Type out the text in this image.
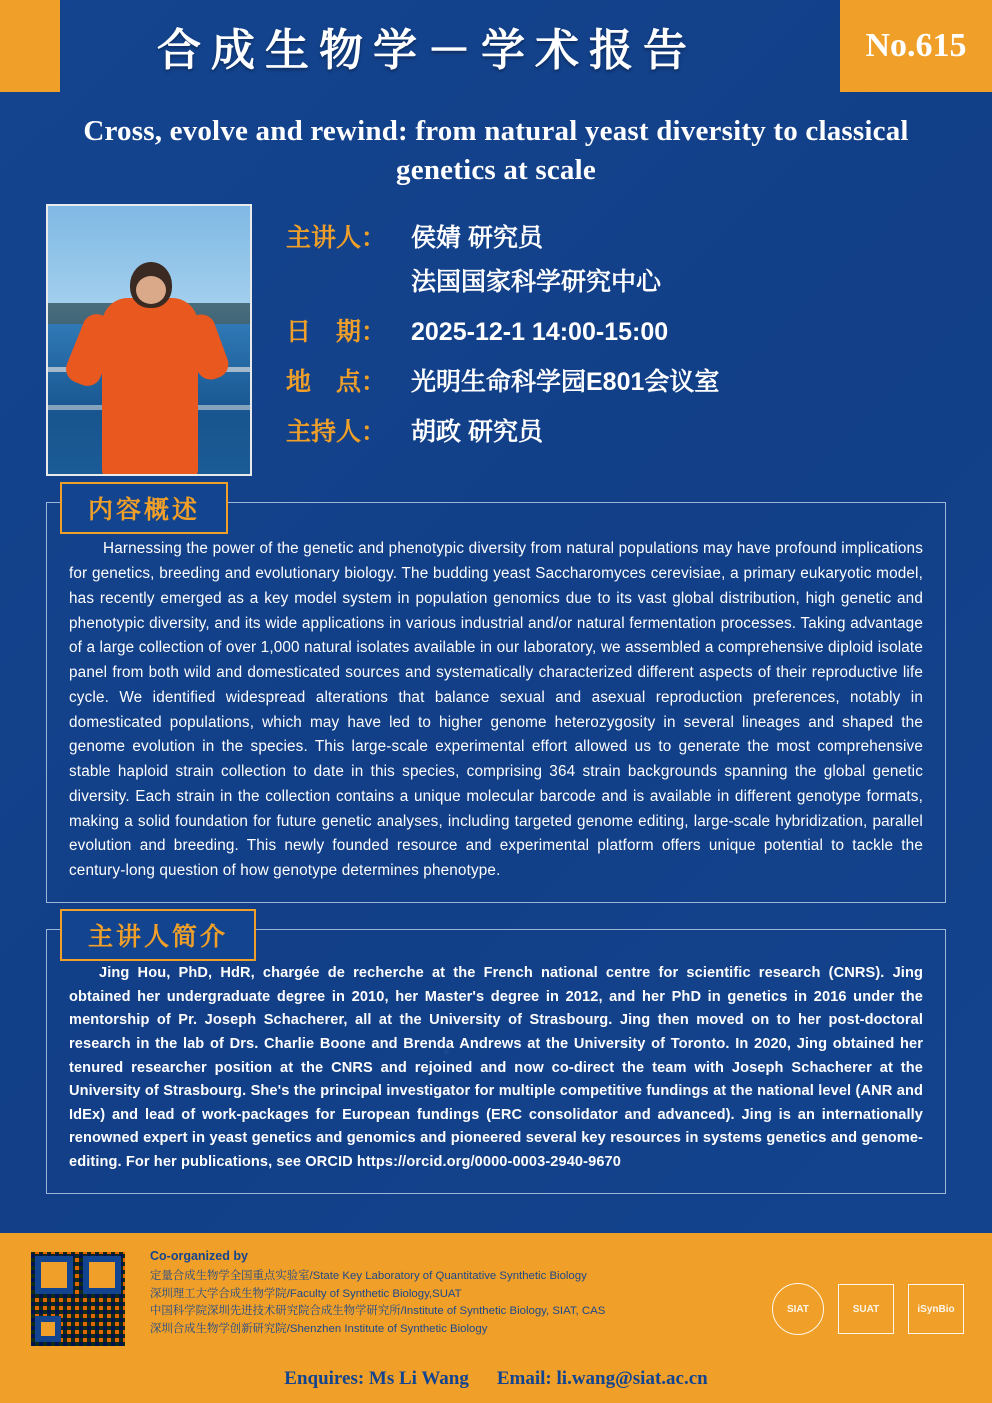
合成生物学－学术报告	No.615
Cross, evolve and rewind: from natural yeast diversity to classical genetics at scale
主讲人： 侯婧 研究员
法国国家科学研究中心
日　期： 2025-12-1 14:00-15:00
地　点： 光明生命科学园E801会议室
主持人： 胡政 研究员
内容概述
Harnessing the power of the genetic and phenotypic diversity from natural populations may have profound implications for genetics, breeding and evolutionary biology. The budding yeast Saccharomyces cerevisiae, a primary eukaryotic model, has recently emerged as a key model system in population genomics due to its vast global distribution, high genetic and phenotypic diversity, and its wide applications in various industrial and/or natural fermentation processes. Taking advantage of a large collection of over 1,000 natural isolates available in our laboratory, we assembled a comprehensive diploid isolate panel from both wild and domesticated sources and systematically characterized different aspects of their reproductive life cycle. We identified widespread alterations that balance sexual and asexual reproduction preferences, notably in domesticated populations, which may have led to higher genome heterozygosity in several lineages and shaped the genome evolution in the species. This large-scale experimental effort allowed us to generate the most comprehensive stable haploid strain collection to date in this species, comprising 364 strain backgrounds spanning the global genetic diversity. Each strain in the collection contains a unique molecular barcode and is available in different genotype formats, making a solid foundation for future genetic analyses, including targeted genome editing, large-scale hybridization, parallel evolution and breeding. This newly founded resource and experimental platform offers unique potential to tackle the century-long question of how genotype determines phenotype.
主讲人简介
Jing Hou, PhD, HdR, chargée de recherche at the French national centre for scientific research (CNRS). Jing obtained her undergraduate degree in 2010, her Master's degree in 2012, and her PhD in genetics in 2016 under the mentorship of Pr. Joseph Schacherer, all at the University of Strasbourg. Jing then moved on to her post-doctoral research in the lab of Drs. Charlie Boone and Brenda Andrews at the University of Toronto. In 2020, Jing obtained her tenured researcher position at the CNRS and rejoined and now co-direct the team with Joseph Schacherer at the University of Strasbourg. She's the principal investigator for multiple competitive fundings at the national level (ANR and IdEx) and lead of work-packages for European fundings (ERC consolidator and advanced). Jing is an internationally renowned expert in yeast genetics and genomics and pioneered several key resources in systems genetics and genome-editing. For her publications, see ORCID https://orcid.org/0000-0003-2940-9670
Co-organized by
定量合成生物学全国重点实验室/State Key Laboratory of Quantitative Synthetic Biology
深圳理工大学合成生物学院/Faculty of Synthetic Biology,SUAT
中国科学院深圳先进技术研究院合成生物学研究所/Institute of Synthetic Biology, SIAT, CAS
深圳合成生物学创新研究院/Shenzhen Institute of Synthetic Biology
SIAT	SUAT	iSynBio
Enquires: Ms Li Wang Email: li.wang@siat.ac.cn
